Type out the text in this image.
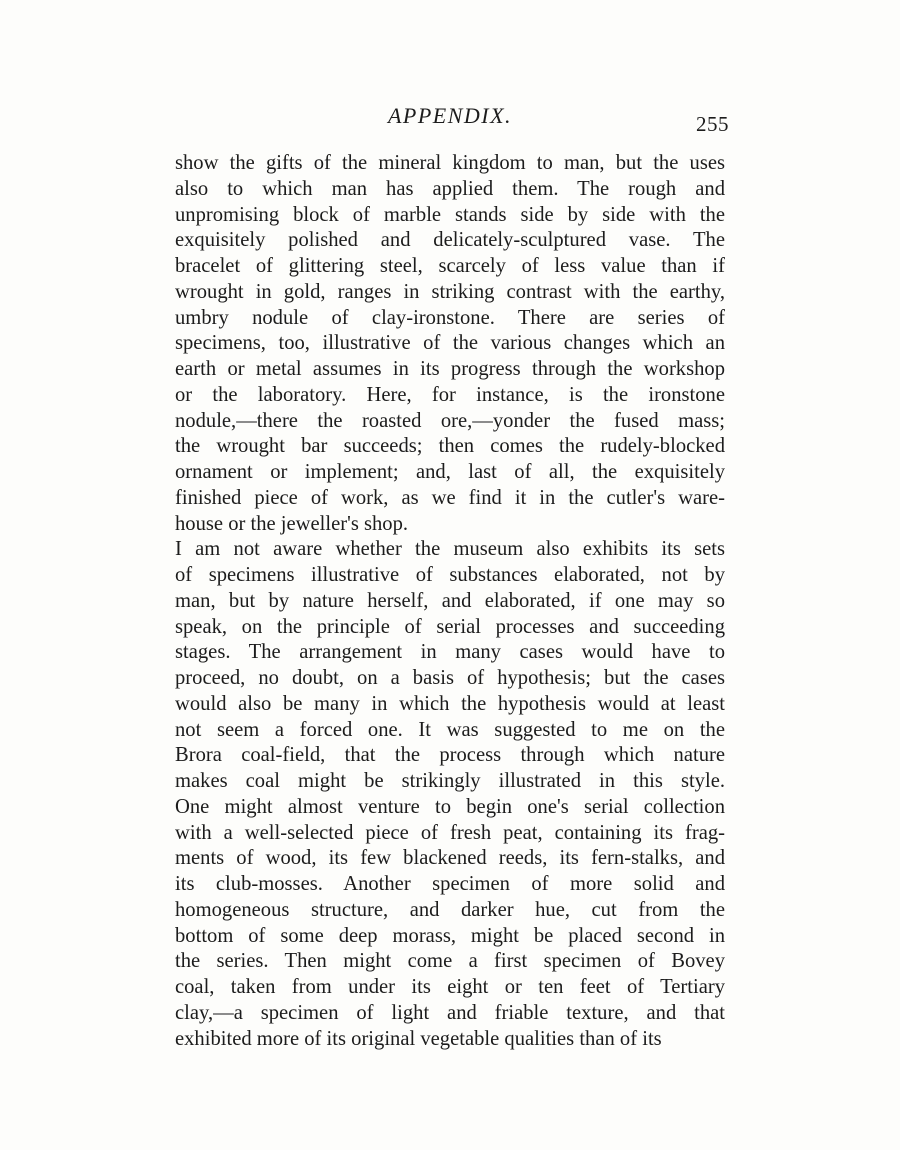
APPENDIX.	255
show the gifts of the mineral kingdom to man, but the uses
also to which man has applied them. The rough and
unpromising block of marble stands side by side with the
exquisitely polished and delicately-sculptured vase. The
bracelet of glittering steel, scarcely of less value than if
wrought in gold, ranges in striking contrast with the earthy,
umbry nodule of clay-ironstone. There are series of
specimens, too, illustrative of the various changes which an
earth or metal assumes in its progress through the workshop
or the laboratory. Here, for instance, is the ironstone
nodule,—there the roasted ore,—yonder the fused mass;
the wrought bar succeeds; then comes the rudely-blocked
ornament or implement; and, last of all, the exquisitely
finished piece of work, as we find it in the cutler's ware-
house or the jeweller's shop.
I am not aware whether the museum also exhibits its sets
of specimens illustrative of substances elaborated, not by
man, but by nature herself, and elaborated, if one may so
speak, on the principle of serial processes and succeeding
stages. The arrangement in many cases would have to
proceed, no doubt, on a basis of hypothesis; but the cases
would also be many in which the hypothesis would at least
not seem a forced one. It was suggested to me on the
Brora coal-field, that the process through which nature
makes coal might be strikingly illustrated in this style.
One might almost venture to begin one's serial collection
with a well-selected piece of fresh peat, containing its frag-
ments of wood, its few blackened reeds, its fern-stalks, and
its club-mosses. Another specimen of more solid and
homogeneous structure, and darker hue, cut from the
bottom of some deep morass, might be placed second in
the series. Then might come a first specimen of Bovey
coal, taken from under its eight or ten feet of Tertiary
clay,—a specimen of light and friable texture, and that
exhibited more of its original vegetable qualities than of its
